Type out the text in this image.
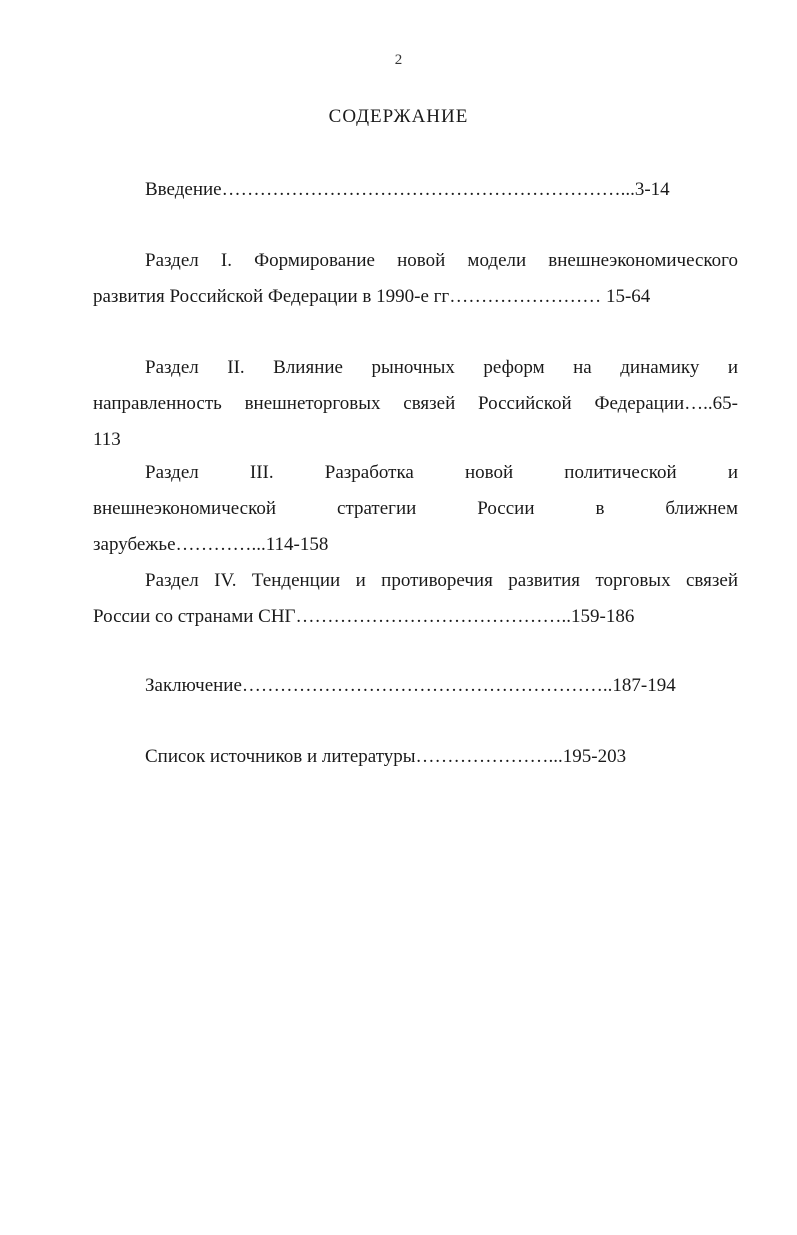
2
СОДЕРЖАНИЕ
Введение………………………………………………………...3-14
Раздел I. Формирование новой модели внешнеэкономического
развития Российской Федерации в 1990-е гг…………………… 15-64
Раздел II. Влияние рыночных реформ на динамику и
направленность внешнеторговых связей Российской Федерации…..65-
113
Раздел III. Разработка новой политической и
внешнеэкономической стратегии России в ближнем
зарубежье…………...114-158
Раздел IV. Тенденции и противоречия развития торговых связей
России со странами СНГ……………………………………..159-186
Заключение…………………………………………………..187-194
Список источников и литературы…………………...195-203
